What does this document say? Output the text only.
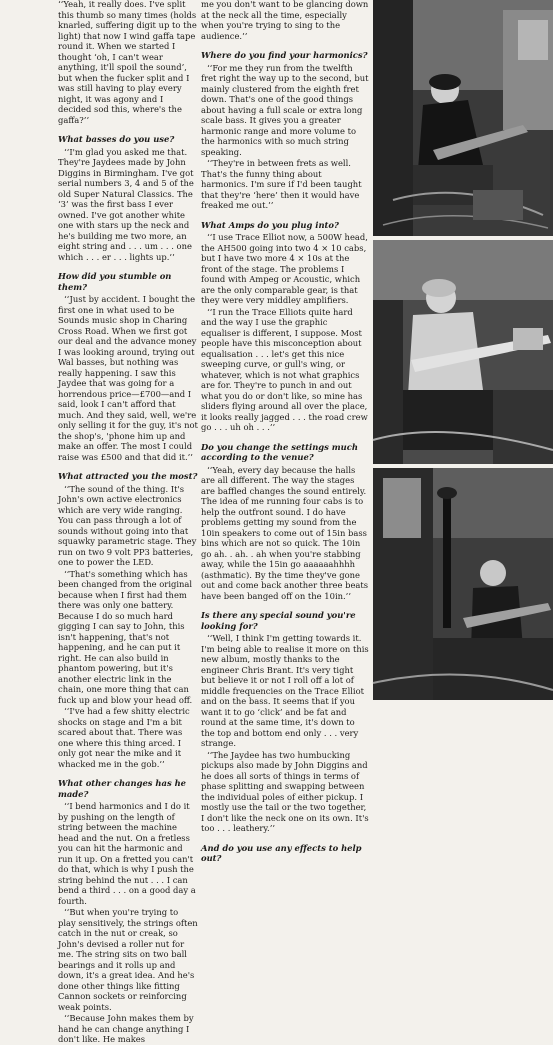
‘‘Yeah, it really does. I've split this thumb so many times (holds knarled, suffering digit up to the light) that now I wind gaffa tape round it. When we started I thought ‘oh, I can't wear anything, it'll spoil the sound’, but when the fucker split and I was still having to play every night, it was agony and I decided sod this, where's the gaffa?’’

What basses do you use?

‘‘I'm glad you asked me that. They're Jaydees made by John Diggins in Birmingham. I've got serial numbers 3, 4 and 5 of the old Super Natural Classics. The ‘3’ was the first bass I ever owned. I've got another white one with stars up the neck and he's building me two more, an eight string and . . . um . . . one which . . . er . . . lights up.’’

How did you stumble on them?

‘‘Just by accident. I bought the first one in what used to be Sounds music shop in Charing Cross Road. When we first got our deal and the advance money I was looking around, trying out Wal basses, but nothing was really happening. I saw this Jaydee that was going for a horrendous price—£700—and I said, look I can't afford that much. And they said, well, we're only selling it for the guy, it's not the shop's, 'phone him up and make an offer. The most I could raise was £500 and that did it.’’

What attracted you the most?

‘‘The sound of the thing. It's John's own active electronics which are very wide ranging. You can pass through a lot of sounds without going into that squawky parametric stage. They run on two 9 volt PP3 batteries, one to power the LED.

‘‘That's something which has been changed from the original because when I first had them there was only one battery. Because I do so much hard gigging I can say to John, this isn't happening, that's not happening, and he can put it right. He can also build in phantom powering, but it's another electric link in the chain, one more thing that can fuck up and blow your head off.

‘‘I've had a few shitty electric shocks on stage and I'm a bit scared about that. There was one where this thing arced. I only got near the mike and it whacked me in the gob.’’

What other changes has he made?

‘‘I bend harmonics and I do it by pushing on the length of string between the machine head and the nut. On a fretless you can hit the harmonic and run it up. On a fretted you can't do that, which is why I push the string behind the nut . . . I can bend a third . . . on a good day a fourth.

‘‘But when you're trying to play sensitively, the strings often catch in the nut or creak, so John's devised a roller nut for me. The string sits on two ball bearings and it rolls up and down, it's a great idea. And he's done other things like fitting Cannon sockets or reinforcing weak points.

‘‘Because John makes them by hand he can change anything I don't like. He makes

me you don't want to be glancing down at the neck all the time, especially when you're trying to sing to the audience.’’

Where do you find your harmonics?

‘‘For me they run from the twelfth fret right the way up to the second, but mainly clustered from the eighth fret down. That's one of the good things about having a full scale or extra long scale bass. It gives you a greater harmonic range and more volume to the harmonics with so much string speaking.

‘‘They're in between frets as well. That's the funny thing about harmonics. I'm sure if I'd been taught that they're ‘here’ then it would have freaked me out.’’

What Amps do you plug into?

‘‘I use Trace Elliot now, a 500W head, the AH500 going into two 4 × 10 cabs, but I have two more 4 × 10s at the front of the stage. The problems I found with Ampeg or Acoustic, which are the only comparable gear, is that they were very middley amplifiers.

‘‘I run the Trace Elliots quite hard and the way I use the graphic equaliser is different, I suppose. Most people have this misconception about equalisation . . . let's get this nice sweeping curve, or gull's wing, or whatever, which is not what graphics are for. They're to punch in and out what you do or don't like, so mine has sliders flying around all over the place, it looks really jagged . . . the road crew go . . . uh oh . . .’’

Do you change the settings much according to the venue?

‘‘Yeah, every day because the halls are all different. The way the stages are baffled changes the sound entirely. The idea of me running four cabs is to help the outfront sound. I do have problems getting my sound from the 10in speakers to come out of 15in bass bins which are not so quick. The 10in go ah. . ah. . ah when you're stabbing away, while the 15in go aaaaaahhhh (asthmatic). By the time they've gone out and come back another three beats have been banged off on the 10in.’’

Is there any special sound you're looking for?

‘‘Well, I think I'm getting towards it. I'm being able to realise it more on this new album, mostly thanks to the engineer Chris Brant. It's very tight but believe it or not I roll off a lot of middle frequencies on the Trace Elliot and on the bass. It seems that if you want it to go ‘click’ and be fat and round at the same time, it's down to the top and bottom end only . . . very strange.

‘‘The Jaydee has two humbucking pickups also made by John Diggins and he does all sorts of things in terms of phase splitting and swapping between the individual poles of either pickup. I mostly use the tail or the two together, I don't like the neck one on its own. It's too . . . leathery.’’

And do you use any effects to help out?
